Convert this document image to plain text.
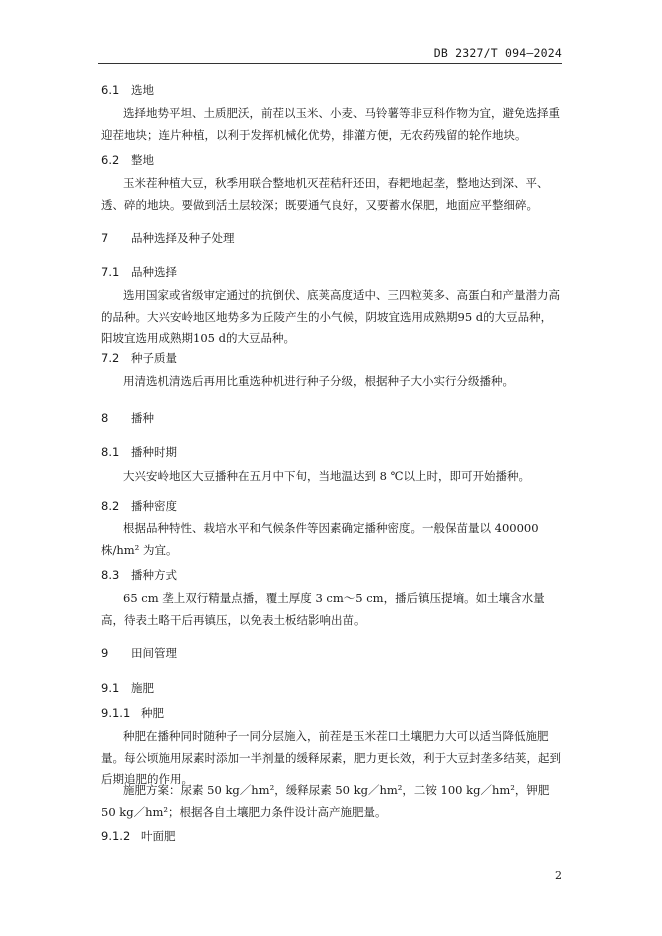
DB 2327/T 094—2024
6.1 选地
选择地势平坦、土质肥沃，前茬以玉米、小麦、马铃薯等非豆科作物为宜，避免选择重迎茬地块；连片种植，以利于发挥机械化优势，排灌方便，无农药残留的轮作地块。
6.2 整地
玉米茬种植大豆，秋季用联合整地机灭茬秸秆还田，春耙地起垄，整地达到深、平、透、碎的地块。要做到活土层较深；既要通气良好，又要蓄水保肥，地面应平整细碎。
7 品种选择及种子处理
7.1 品种选择
选用国家或省级审定通过的抗倒伏、底荚高度适中、三四粒荚多、高蛋白和产量潜力高的品种。大兴安岭地区地势多为丘陵产生的小气候，阴坡宜选用成熟期95 d的大豆品种，阳坡宜选用成熟期105 d的大豆品种。
7.2 种子质量
用清选机清选后再用比重选种机进行种子分级，根据种子大小实行分级播种。
8 播种
8.1 播种时期
大兴安岭地区大豆播种在五月中下旬，当地温达到 8 ℃以上时，即可开始播种。
8.2 播种密度
根据品种特性、栽培水平和气候条件等因素确定播种密度。一般保苗量以 400000 株/hm² 为宜。
8.3 播种方式
65 cm 垄上双行精量点播，覆土厚度 3 cm～5 cm，播后镇压提墒。如土壤含水量高，待表土略干后再镇压，以免表土板结影响出苗。
9 田间管理
9.1 施肥
9.1.1 种肥
种肥在播种同时随种子一同分层施入，前茬是玉米茬口土壤肥力大可以适当降低施肥量。每公顷施用尿素时添加一半剂量的缓释尿素，肥力更长效，利于大豆封垄多结荚，起到后期追肥的作用。
施肥方案：尿素 50 kg／hm²，缓释尿素 50 kg／hm²，二铵 100 kg／hm²，钾肥 50 kg／hm²；根据各自土壤肥力条件设计高产施肥量。
9.1.2 叶面肥
2
